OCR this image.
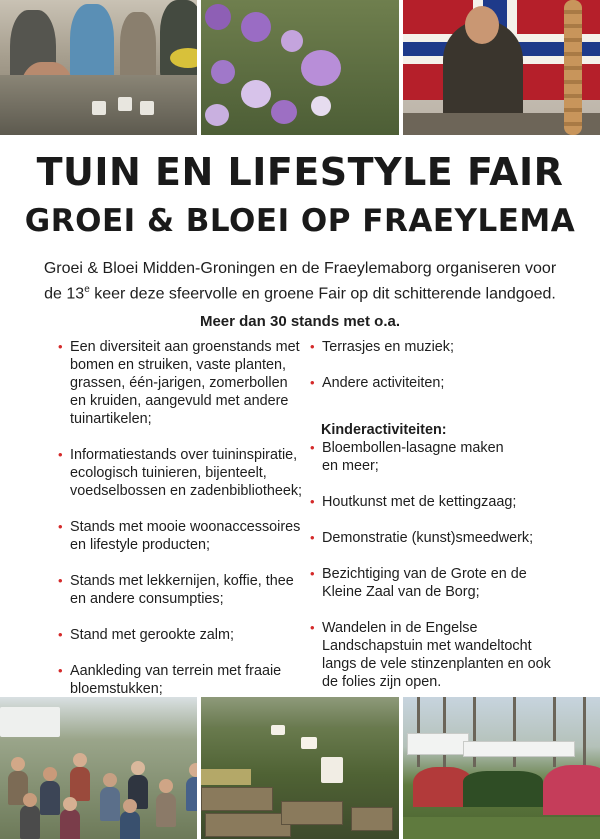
TUIN EN LIFESTYLE FAIR
GROEI & BLOEI OP FRAEYLEMA

Groei & Bloei Midden-Groningen en de Fraeylemaborg organiseren voor
de 13e keer deze sfeervolle en groene Fair op dit schitterende landgoed.

Meer dan 30 stands met o.a.

• Een diversiteit aan groenstands met
bomen en struiken, vaste planten,
grassen, één-jarigen, zomerbollen
en kruiden, aangevuld met andere
tuinartikelen;
• Informatiestands over tuininspiratie,
ecologisch tuinieren, bijenteelt,
voedselbossen en zadenbibliotheek;
• Stands met mooie woonaccessoires
en lifestyle producten;
• Stands met lekkernijen, koffie, thee
en andere consumpties;
• Stand met gerookte zalm;
• Aankleding van terrein met fraaie
bloemstukken;
• Terrasjes en muziek;
• Andere activiteiten;

Kinderactiviteiten:

• Bloembollen-lasagne maken
en meer;
• Houtkunst met de kettingzaag;
• Demonstratie (kunst)smeedwerk;
• Bezichtiging van de Grote en de
Kleine Zaal van de Borg;
• Wandelen in de Engelse
Landschapstuin met wandeltocht
langs de vele stinzenplanten en ook
de folies zijn open.
